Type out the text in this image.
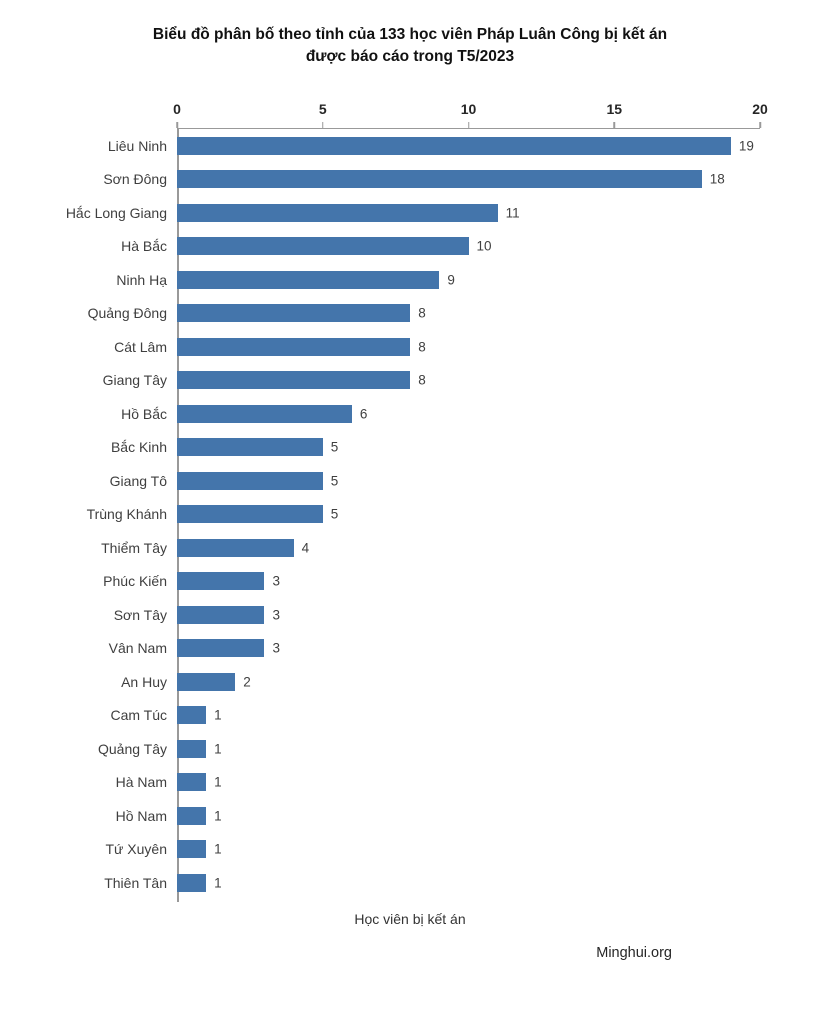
Biểu đồ phân bố theo tỉnh của 133 học viên Pháp Luân Công bị kết án
được báo cáo trong T5/2023
0	5	10	15	20
Liêu Ninh	19
Sơn Đông	18
Hắc Long Giang	11
Hà Bắc	10
Ninh Hạ	9
Quảng Đông	8
Cát Lâm	8
Giang Tây	8
Hồ Bắc	6
Bắc Kinh	5
Giang Tô	5
Trùng Khánh	5
Thiểm Tây	4
Phúc Kiến	3
Sơn Tây	3
Vân Nam	3
An Huy	2
Cam Túc	1
Quảng Tây	1
Hà Nam	1
Hồ Nam	1
Tứ Xuyên	1
Thiên Tân	1
Học viên bị kết án
Minghui.org
